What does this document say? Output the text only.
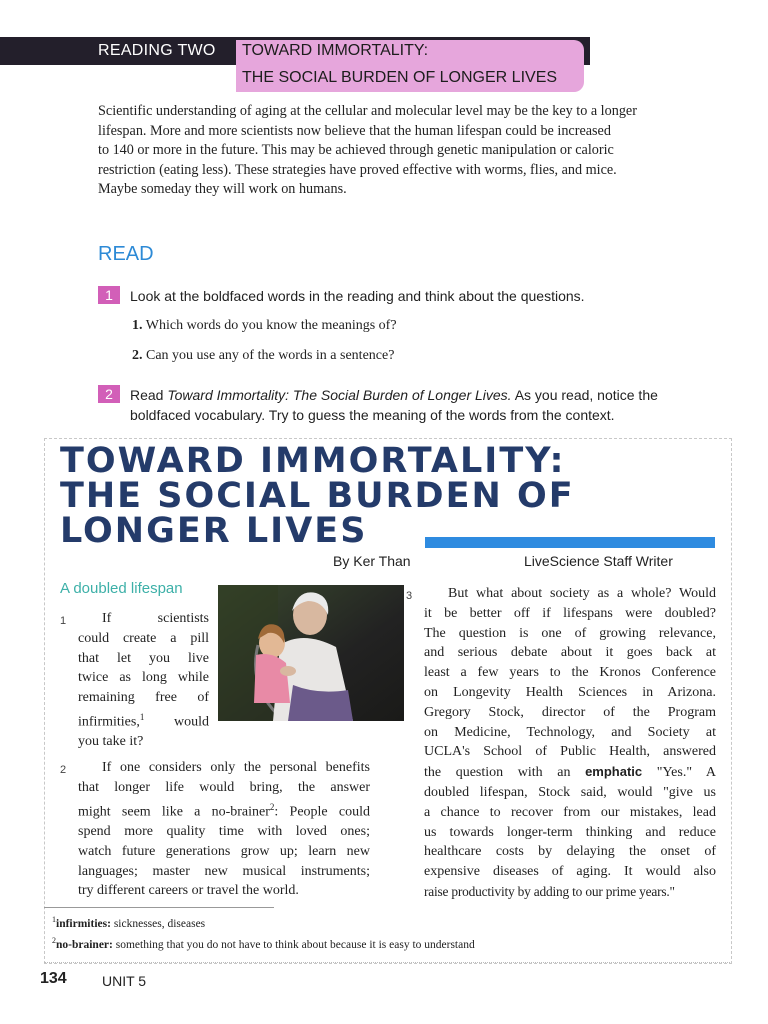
READING TWO TOWARD IMMORTALITY:
THE SOCIAL BURDEN OF LONGER LIVES
Scientific understanding of aging at the cellular and molecular level may be the key to a longer
lifespan. More and more scientists now believe that the human lifespan could be increased
to 140 or more in the future. This may be achieved through genetic manipulation or caloric
restriction (eating less). These strategies have proved effective with worms, flies, and mice.
Maybe someday they will work on humans.
READ
1	Look at the boldfaced words in the reading and think about the questions.
1. Which words do you know the meanings of?
2. Can you use any of the words in a sentence?
2	Read Toward Immortality: The Social Burden of Longer Lives. As you read, notice the
boldfaced vocabulary. Try to guess the meaning of the words from the context.
TOWARD IMMORTALITY:
THE SOCIAL BURDEN OF
LONGER LIVES
By Ker Than	LiveScience Staff Writer
A doubled lifespan
1	If scientists
could create a pill
that let you live
twice as long while
remaining free of
infirmities,$^1$ would
you take it?
2	If one considers only the personal benefits
that longer life would bring, the answer
might seem like a no-brainer$^2$: People could
spend more quality time with loved ones;
watch future generations grow up; learn new
languages; master new musical instruments;
try different careers or travel the world.
3	But what about society as a whole? Would
it be better off if lifespans were doubled?
The question is one of growing relevance,
and serious debate about it goes back at
least a few years to the Kronos Conference
on Longevity Health Sciences in Arizona.
Gregory Stock, director of the Program
on Medicine, Technology, and Society at
UCLA's School of Public Health, answered
the question with an emphatic "Yes." A
doubled lifespan, Stock said, would "give us
a chance to recover from our mistakes, lead
us towards longer-term thinking and reduce
healthcare costs by delaying the onset of
expensive diseases of aging. It would also
raise productivity by adding to our prime years."
$^1$infirmities: sicknesses, diseases
$^2$no-brainer: something that you do not have to think about because it is easy to understand
134	UNIT 5
